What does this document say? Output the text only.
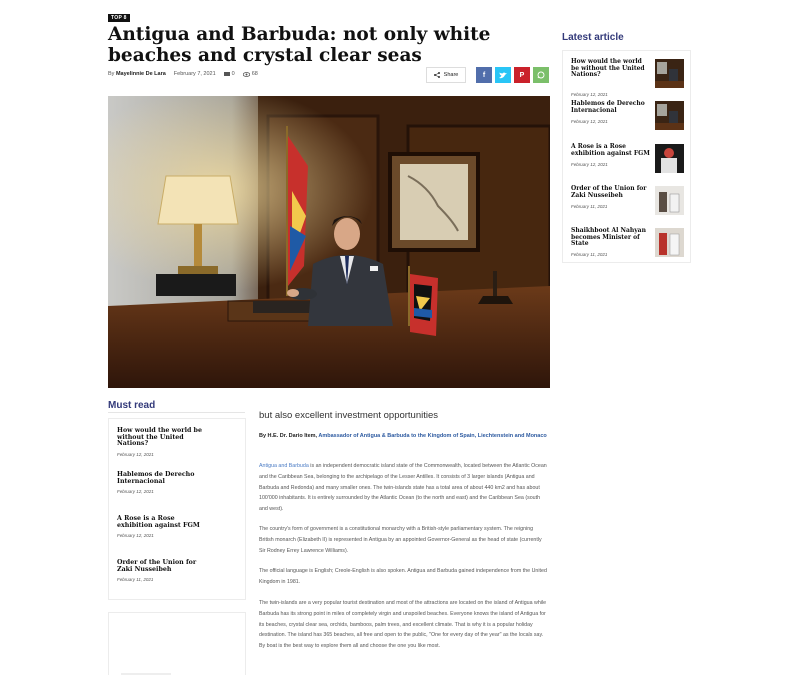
TOP 8
Antigua and Barbuda: not only white beaches and crystal clear seas
By Mayelinnie De Lara February 7, 2021	0	68	Share	f	P
Latest article
How would the world be without the United Nations?
February 12, 2021
Hablemos de Derecho Internacional
February 12, 2021
A Rose is a Rose exhibition against FGM
February 12, 2021
Order of the Union for Zaki Nusseibeh
February 11, 2021
Shaikhboot Al Nahyan becomes Minister of State
February 11, 2021
Must read
How would the world be without the United Nations?
February 12, 2021
Hablemos de Derecho Internacional
February 12, 2021
A Rose is a Rose exhibition against FGM
February 12, 2021
Order of the Union for Zaki Nusseibeh
February 11, 2021
but also excellent investment opportunities
By H.E. Dr. Dario Item, Ambassador of Antigua & Barbuda to the Kingdom of Spain, Liechtenstein and Monaco

Antigua and Barbuda is an independent democratic island state of the Commonwealth, located between the Atlantic Ocean and the Caribbean Sea, belonging to the archipelago of the Lesser Antilles. It consists of 3 larger islands (Antigua and Barbuda and Redonda) and many smaller ones. The twin-islands state has a total area of about 440 km2 and has about 100'000 inhabitants. It is entirely surrounded by the Atlantic Ocean (to the north and east) and the Caribbean Sea (south and west).

The country's form of government is a constitutional monarchy with a British-style parliamentary system. The reigning British monarch (Elizabeth II) is represented in Antigua by an appointed Governor-General as the head of state (currently Sir Rodney Errey Lawrence Williams).

The official language is English; Creole-English is also spoken. Antigua and Barbuda gained independence from the United Kingdom in 1981.

The twin-islands are a very popular tourist destination and most of the attractions are located on the island of Antigua while Barbuda has its strong point in miles of completely virgin and unspoiled beaches. Everyone knows the island of Antigua for its beaches, crystal clear sea, orchids, bamboos, palm trees, and excellent climate. That is why it is a popular holiday destination. The island has 365 beaches, all free and open to the public, "One for every day of the year" as the locals say. By boat is the best way to explore them all and choose the one you like most.
